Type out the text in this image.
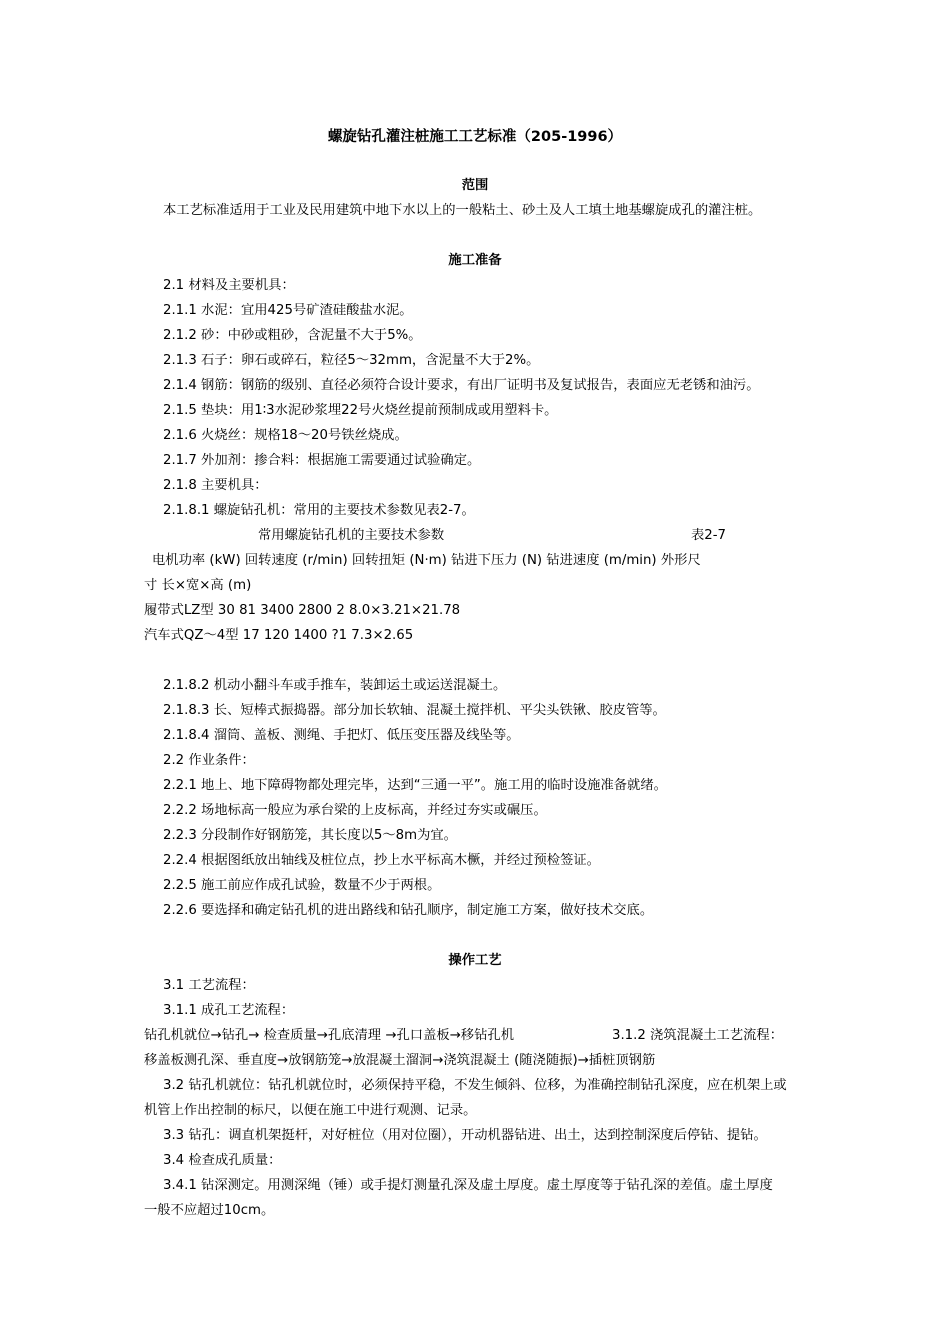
螺旋钻孔灌注桩施工工艺标准（205-1996）
范围
本工艺标准适用于工业及民用建筑中地下水以上的一般粘土、砂土及人工填土地基螺旋成孔的灌注桩。
施工准备
2.1 材料及主要机具：
2.1.1 水泥：宜用425号矿渣硅酸盐水泥。
2.1.2 砂：中砂或粗砂，含泥量不大于5%。
2.1.3 石子：卵石或碎石，粒径5～32mm，含泥量不大于2%。
2.1.4 钢筋：钢筋的级别、直径必须符合设计要求，有出厂证明书及复试报告，表面应无老锈和油污。
2.1.5 垫块：用1∶3水泥砂浆埋22号火烧丝提前预制成或用塑料卡。
2.1.6 火烧丝：规格18～20号铁丝烧成。
2.1.7 外加剂：掺合料：根据施工需要通过试验确定。
2.1.8 主要机具：
2.1.8.1 螺旋钻孔机：常用的主要技术参数见表2-7。
常用螺旋钻孔机的主要技术参数	表2-7
电机功率 (kW) 回转速度 (r/min) 回转扭矩 (N·m) 钻进下压力 (N) 钻进速度 (m/min) 外形尺
寸 长×宽×高 (m)
履带式LZ型 30 81 3400 2800 2 8.0×3.21×21.78
汽车式QZ～4型 17 120 1400 ?1 7.3×2.65
2.1.8.2 机动小翻斗车或手推车，装卸运土或运送混凝土。
2.1.8.3 长、短棒式振捣器。部分加长软轴、混凝土搅拌机、平尖头铁锹、胶皮管等。
2.1.8.4 溜筒、盖板、测绳、手把灯、低压变压器及线坠等。
2.2 作业条件：
2.2.1 地上、地下障碍物都处理完毕，达到“三通一平”。施工用的临时设施准备就绪。
2.2.2 场地标高一般应为承台梁的上皮标高，并经过夯实或碾压。
2.2.3 分段制作好钢筋笼，其长度以5～8m为宜。
2.2.4 根据图纸放出轴线及桩位点，抄上水平标高木橛，并经过预检签证。
2.2.5 施工前应作成孔试验，数量不少于两根。
2.2.6 要选择和确定钻孔机的进出路线和钻孔顺序，制定施工方案，做好技术交底。
操作工艺
3.1 工艺流程：
3.1.1 成孔工艺流程：
钻孔机就位→钻孔→ 检查质量→孔底清理 →孔口盖板→移钻孔机	3.1.2 浇筑混凝土工艺流程：
移盖板测孔深、垂直度→放钢筋笼→放混凝土溜洞→浇筑混凝土 (随浇随振)→插桩顶钢筋
3.2 钻孔机就位：钻孔机就位时，必须保持平稳，不发生倾斜、位移，为准确控制钻孔深度，应在机架上或
机管上作出控制的标尺，以便在施工中进行观测、记录。
3.3 钻孔：调直机架挺杆，对好桩位（用对位圈），开动机器钻进、出土，达到控制深度后停钻、提钻。
3.4 检查成孔质量：
3.4.1 钻深测定。用测深绳（锤）或手提灯测量孔深及虚土厚度。虚土厚度等于钻孔深的差值。虚土厚度
一般不应超过10cm。
